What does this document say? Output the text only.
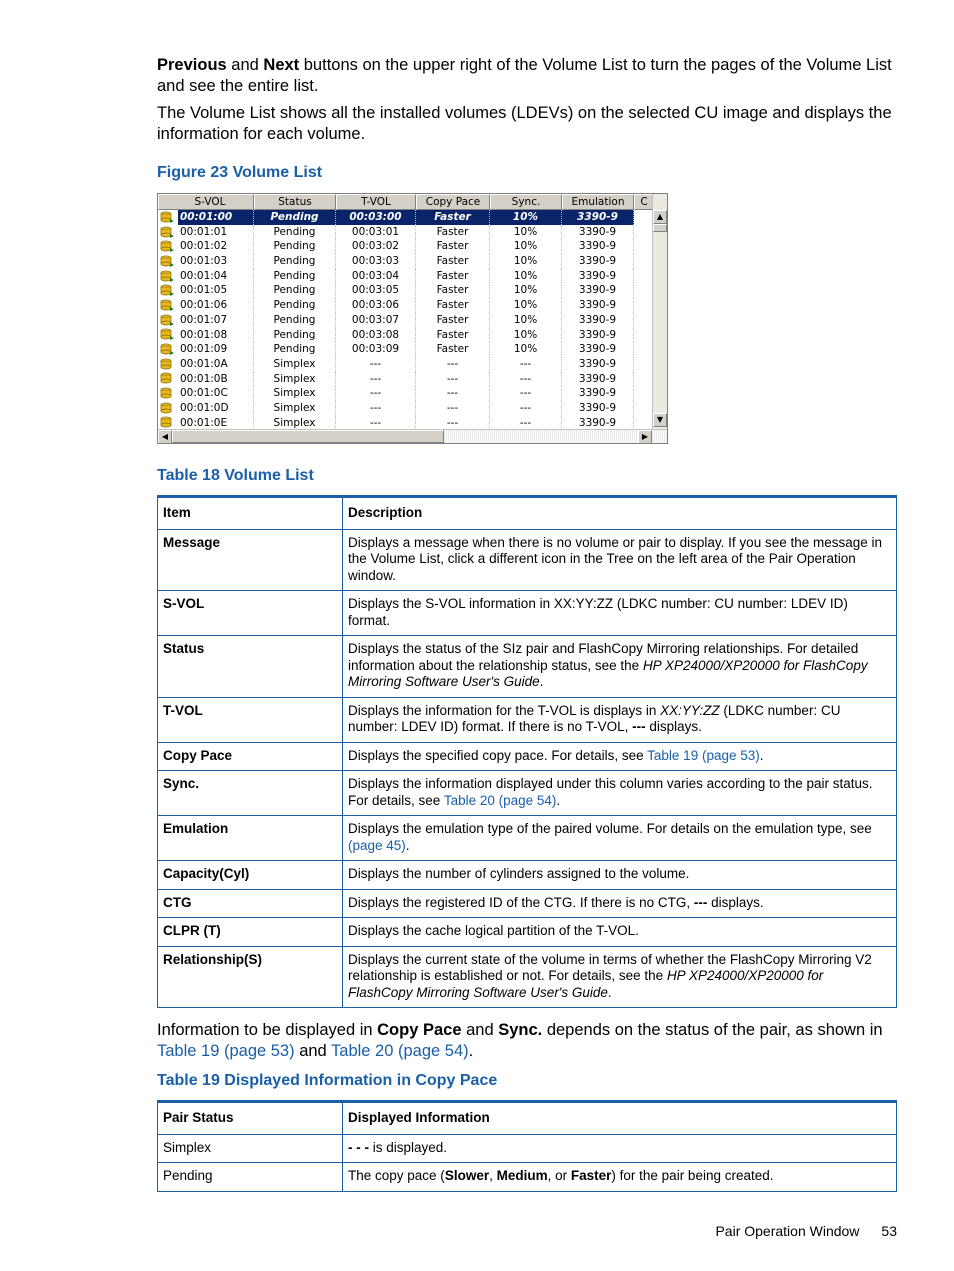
Previous and Next buttons on the upper right of the Volume List to turn the pages of the Volume List and see the entire list.
The Volume List shows all the installed volumes (LDEVs) on the selected CU image and displays the information for each volume.
Figure 23 Volume List
S-VOL	Status	T-VOL	Copy Pace	Sync.	Emulation	C
00:01:00	Pending	00:03:00	Faster	10%	3390-9
00:01:01	Pending	00:03:01	Faster	10%	3390-9
00:01:02	Pending	00:03:02	Faster	10%	3390-9
00:01:03	Pending	00:03:03	Faster	10%	3390-9
00:01:04	Pending	00:03:04	Faster	10%	3390-9
00:01:05	Pending	00:03:05	Faster	10%	3390-9
00:01:06	Pending	00:03:06	Faster	10%	3390-9
00:01:07	Pending	00:03:07	Faster	10%	3390-9
00:01:08	Pending	00:03:08	Faster	10%	3390-9
00:01:09	Pending	00:03:09	Faster	10%	3390-9
00:01:0A	Simplex	---	---	---	3390-9
00:01:0B	Simplex	---	---	---	3390-9
00:01:0C	Simplex	---	---	---	3390-9
00:01:0D	Simplex	---	---	---	3390-9
00:01:0E	Simplex	---	---	---	3390-9
▲
▼
◀	▶
Table 18 Volume List
Item	Description
Message	Displays a message when there is no volume or pair to display. If you see the message in the Volume List, click a different icon in the Tree on the left area of the Pair Operation window.
S-VOL	Displays the S-VOL information in XX:YY:ZZ (LDKC number: CU number: LDEV ID) format.
Status	Displays the status of the SIz pair and FlashCopy Mirroring relationships. For detailed information about the relationship status, see the HP XP24000/XP20000 for FlashCopy Mirroring Software User's Guide.
T-VOL	Displays the information for the T-VOL is displays in XX:YY:ZZ (LDKC number: CU number: LDEV ID) format. If there is no T-VOL, --- displays.
Copy Pace	Displays the specified copy pace. For details, see Table 19 (page 53).
Sync.	Displays the information displayed under this column varies according to the pair status. For details, see Table 20 (page 54).
Emulation	Displays the emulation type of the paired volume. For details on the emulation type, see (page 45).
Capacity(Cyl)	Displays the number of cylinders assigned to the volume.
CTG	Displays the registered ID of the CTG. If there is no CTG, --- displays.
CLPR (T)	Displays the cache logical partition of the T-VOL.
Relationship(S)	Displays the current state of the volume in terms of whether the FlashCopy Mirroring V2 relationship is established or not. For details, see the HP XP24000/XP20000 for FlashCopy Mirroring Software User's Guide.
Information to be displayed in Copy Pace and Sync. depends on the status of the pair, as shown in Table 19 (page 53) and Table 20 (page 54).
Table 19 Displayed Information in Copy Pace
Pair Status	Displayed Information
Simplex	- - - is displayed.
Pending	The copy pace (Slower, Medium, or Faster) for the pair being created.
Pair Operation Window 53
